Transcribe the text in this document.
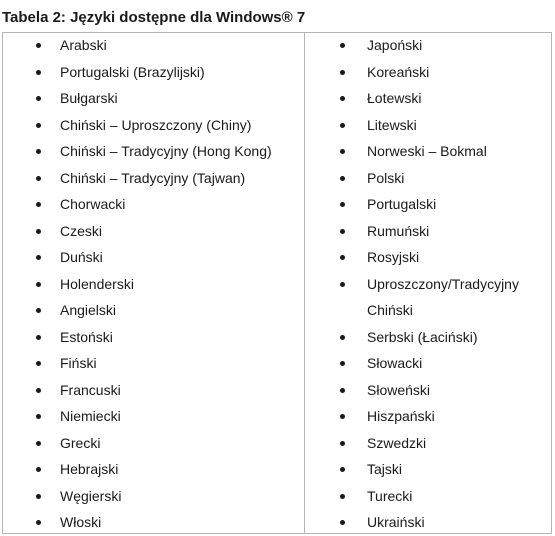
Tabela 2: Języki dostępne dla Windows® 7
Arabski
Portugalski (Brazylijski)
Bułgarski
Chiński – Uproszczony (Chiny)
Chiński – Tradycyjny (Hong Kong)
Chiński – Tradycyjny (Tajwan)
Chorwacki
Czeski
Duński
Holenderski
Angielski
Estoński
Fiński
Francuski
Niemiecki
Grecki
Hebrajski
Węgierski
Włoski
Japoński
Koreański
Łotewski
Litewski
Norweski – Bokmal
Polski
Portugalski
Rumuński
Rosyjski
Uproszczony/Tradycyjny Chiński
Serbski (Łaciński)
Słowacki
Słoweński
Hiszpański
Szwedzki
Tajski
Turecki
Ukraiński
